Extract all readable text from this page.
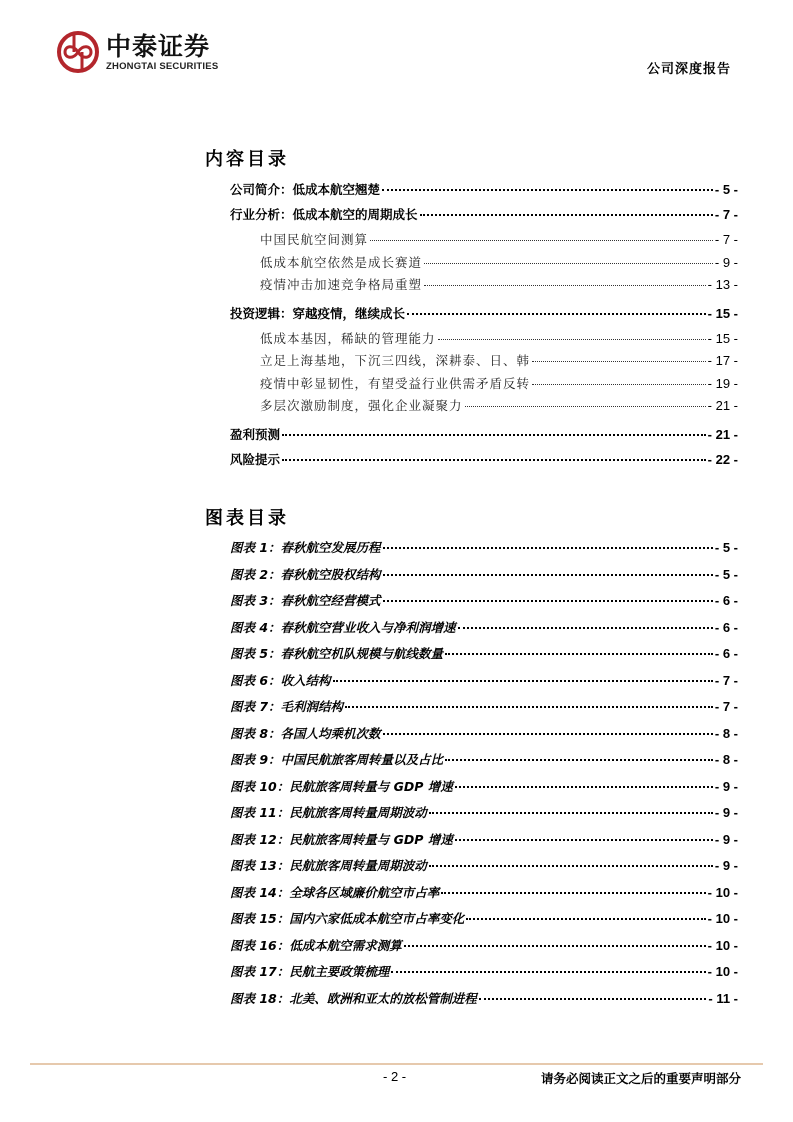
中泰证券
ZHONGTAI SECURITIES	公司深度报告
内容目录
公司简介：低成本航空翘楚	- 5 -
行业分析：低成本航空的周期成长	- 7 -
中国民航空间测算	- 7 -
低成本航空依然是成长赛道	- 9 -
疫情冲击加速竞争格局重塑	- 13 -
投资逻辑：穿越疫情，继续成长	- 15 -
低成本基因，稀缺的管理能力	- 15 -
立足上海基地，下沉三四线，深耕泰、日、韩	- 17 -
疫情中彰显韧性，有望受益行业供需矛盾反转	- 19 -
多层次激励制度，强化企业凝聚力	- 21 -
盈利预测	- 21 -
风险提示	- 22 -
图表目录
图表 1：春秋航空发展历程	- 5 -
图表 2：春秋航空股权结构	- 5 -
图表 3：春秋航空经营模式	- 6 -
图表 4：春秋航空营业收入与净利润增速	- 6 -
图表 5：春秋航空机队规模与航线数量	- 6 -
图表 6：收入结构	- 7 -
图表 7：毛利润结构	- 7 -
图表 8：各国人均乘机次数	- 8 -
图表 9：中国民航旅客周转量以及占比	- 8 -
图表 10：民航旅客周转量与 GDP 增速	- 9 -
图表 11：民航旅客周转量周期波动	- 9 -
图表 12：民航旅客周转量与 GDP 增速	- 9 -
图表 13：民航旅客周转量周期波动	- 9 -
图表 14：全球各区域廉价航空市占率	- 10 -
图表 15：国内六家低成本航空市占率变化	- 10 -
图表 16：低成本航空需求测算	- 10 -
图表 17：民航主要政策梳理	- 10 -
图表 18：北美、欧洲和亚太的放松管制进程	- 11 -
- 2 -	请务必阅读正文之后的重要声明部分
